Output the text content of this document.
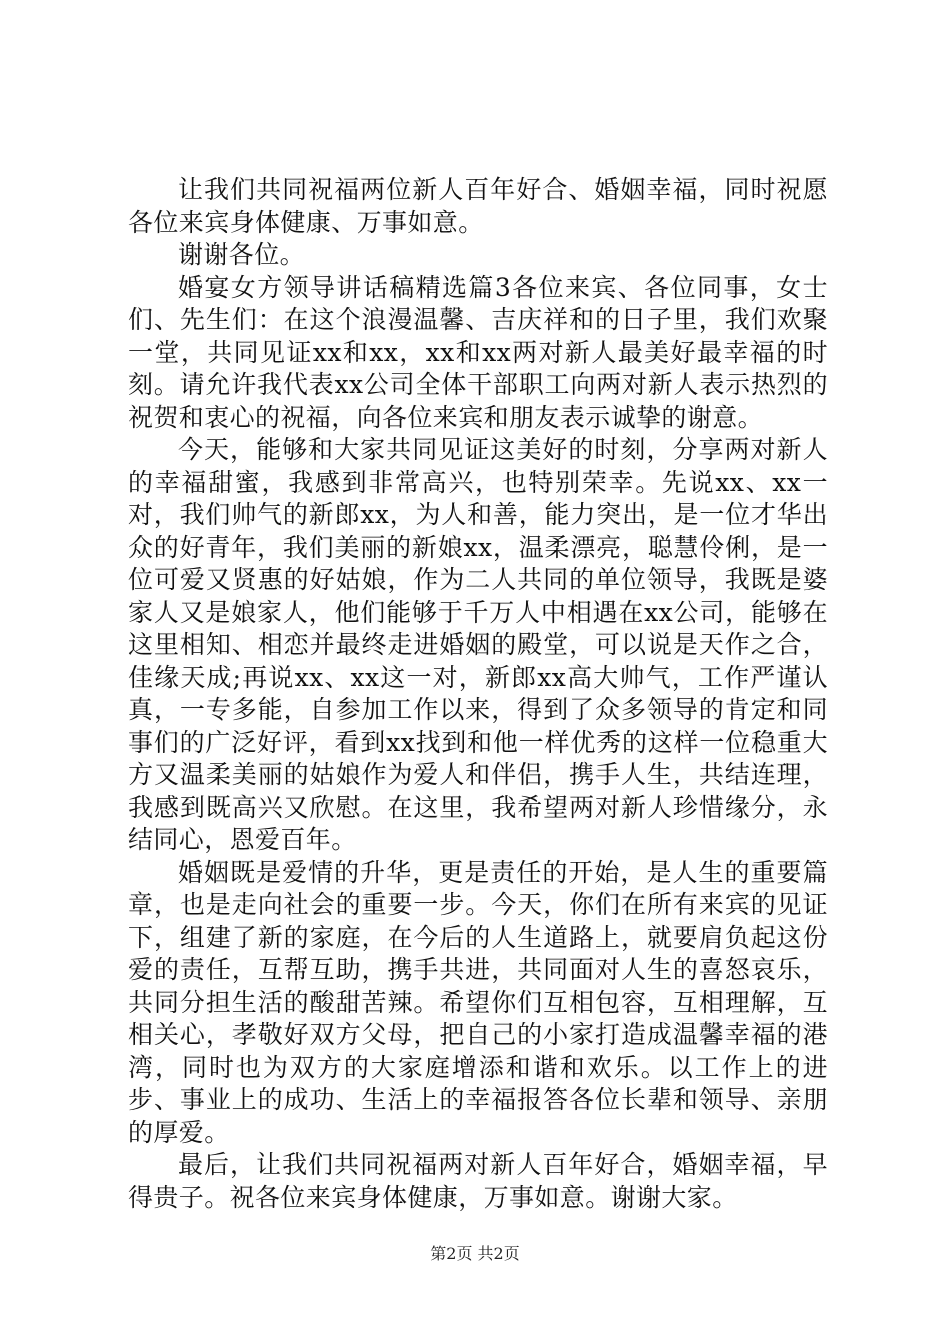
让我们共同祝福两位新人百年好合、婚姻幸福，同时祝愿各位来宾身体健康、万事如意。

谢谢各位。

婚宴女方领导讲话稿精选篇3各位来宾、各位同事，女士们、先生们：在这个浪漫温馨、吉庆祥和的日子里，我们欢聚一堂，共同见证xx和xx，xx和xx两对新人最美好最幸福的时刻。请允许我代表xx公司全体干部职工向两对新人表示热烈的祝贺和衷心的祝福，向各位来宾和朋友表示诚挚的谢意。

今天，能够和大家共同见证这美好的时刻，分享两对新人的幸福甜蜜，我感到非常高兴，也特别荣幸。先说xx、xx一对，我们帅气的新郎xx，为人和善，能力突出，是一位才华出众的好青年，我们美丽的新娘xx，温柔漂亮，聪慧伶俐，是一位可爱又贤惠的好姑娘，作为二人共同的单位领导，我既是婆家人又是娘家人，他们能够于千万人中相遇在xx公司，能够在这里相知、相恋并最终走进婚姻的殿堂，可以说是天作之合，佳缘天成;再说xx、xx这一对，新郎xx高大帅气，工作严谨认真，一专多能，自参加工作以来，得到了众多领导的肯定和同事们的广泛好评，看到xx找到和他一样优秀的这样一位稳重大方又温柔美丽的姑娘作为爱人和伴侣，携手人生，共结连理，我感到既高兴又欣慰。在这里，我希望两对新人珍惜缘分，永结同心，恩爱百年。

婚姻既是爱情的升华，更是责任的开始，是人生的重要篇章，也是走向社会的重要一步。今天，你们在所有来宾的见证下，组建了新的家庭，在今后的人生道路上，就要肩负起这份爱的责任，互帮互助，携手共进，共同面对人生的喜怒哀乐，共同分担生活的酸甜苦辣。希望你们互相包容，互相理解，互相关心，孝敬好双方父母，把自己的小家打造成温馨幸福的港湾，同时也为双方的大家庭增添和谐和欢乐。以工作上的进步、事业上的成功、生活上的幸福报答各位长辈和领导、亲朋的厚爱。

最后，让我们共同祝福两对新人百年好合，婚姻幸福，早得贵子。祝各位来宾身体健康，万事如意。谢谢大家。

第2页 共2页
